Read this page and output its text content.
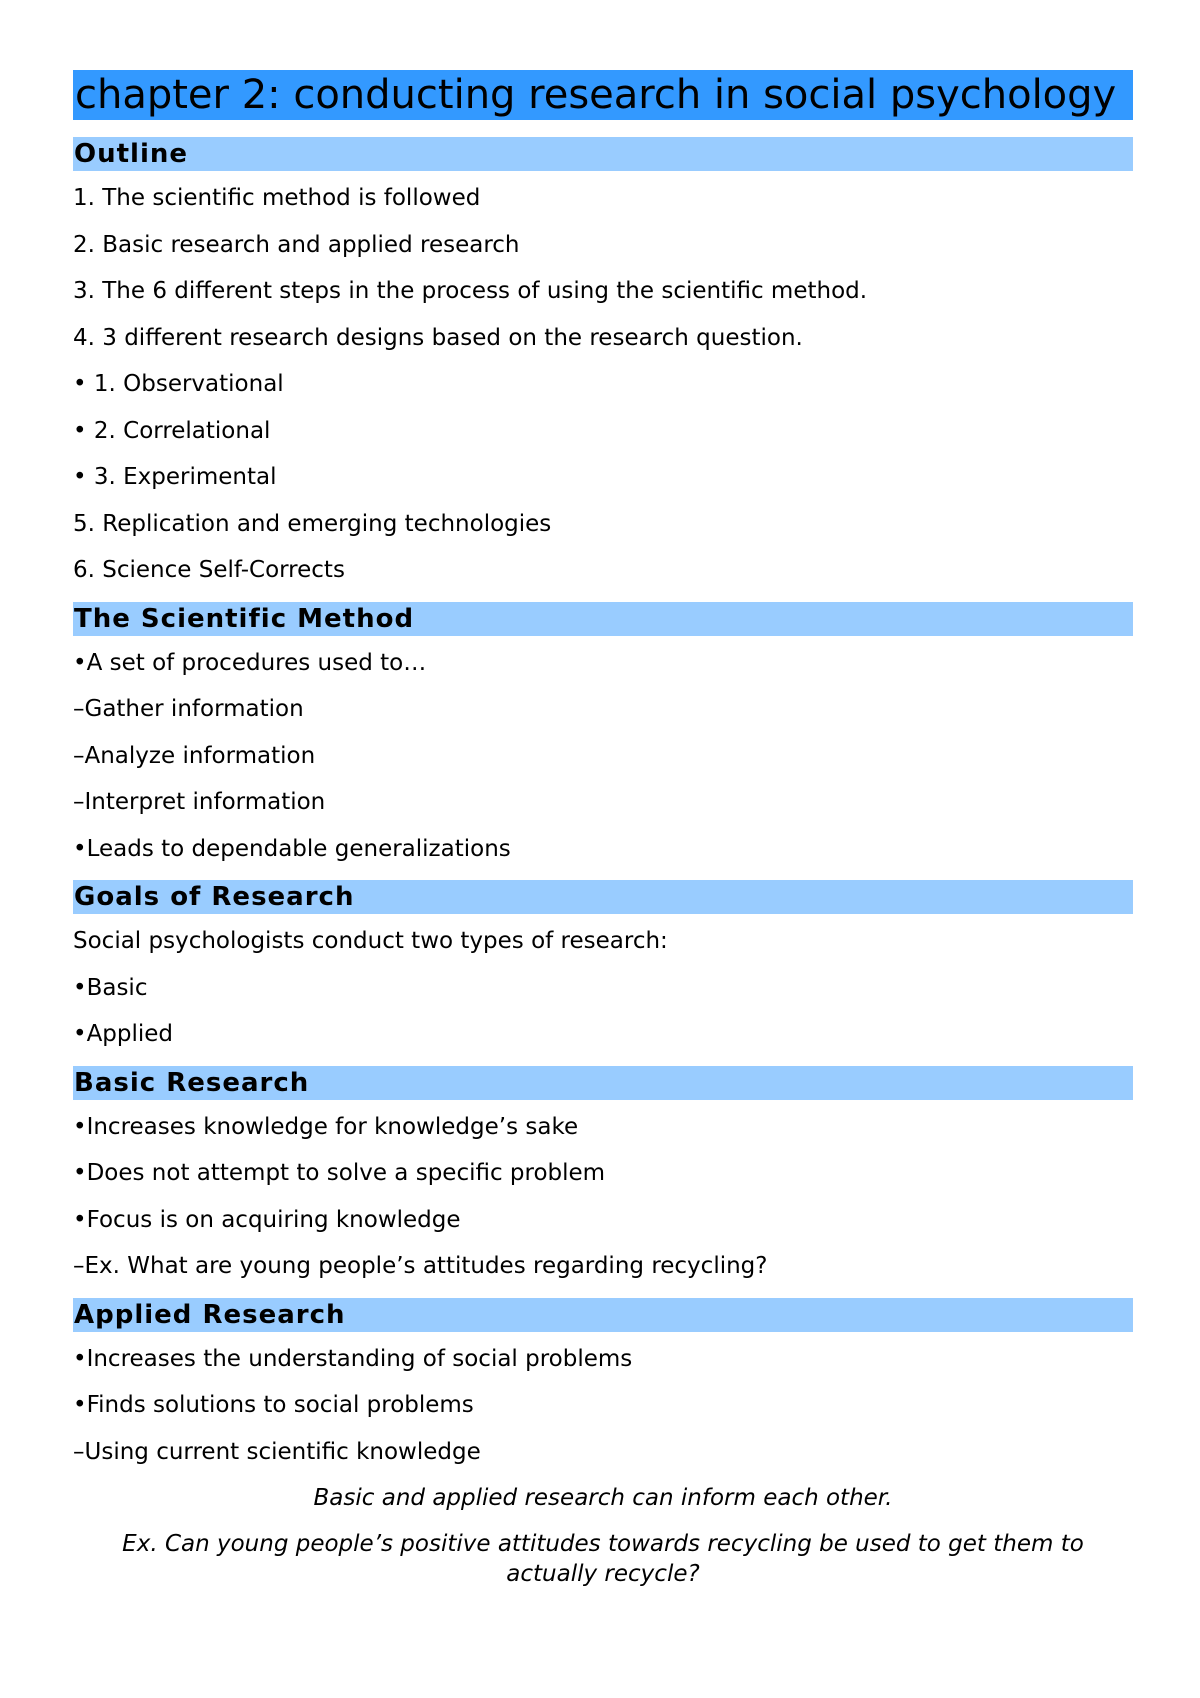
chapter 2: conducting research in social psychology
Outline
1. The scientific method is followed
2. Basic research and applied research
3. The 6 different steps in the process of using the scientific method.
4. 3 different research designs based on the research question.
• 1. Observational
• 2. Correlational
• 3. Experimental
5. Replication and emerging technologies
6. Science Self-Corrects
The Scientific Method
•A set of procedures used to…
–Gather information
–Analyze information
–Interpret information
•Leads to dependable generalizations
Goals of Research
Social psychologists conduct two types of research:
•Basic
•Applied
Basic Research
•Increases knowledge for knowledge’s sake
•Does not attempt to solve a specific problem
•Focus is on acquiring knowledge
–Ex. What are young people’s attitudes regarding recycling?
Applied Research
•Increases the understanding of social problems
•Finds solutions to social problems
–Using current scientific knowledge
Basic and applied research can inform each other.
Ex. Can young people’s positive attitudes towards recycling be used to get them to actually recycle?
